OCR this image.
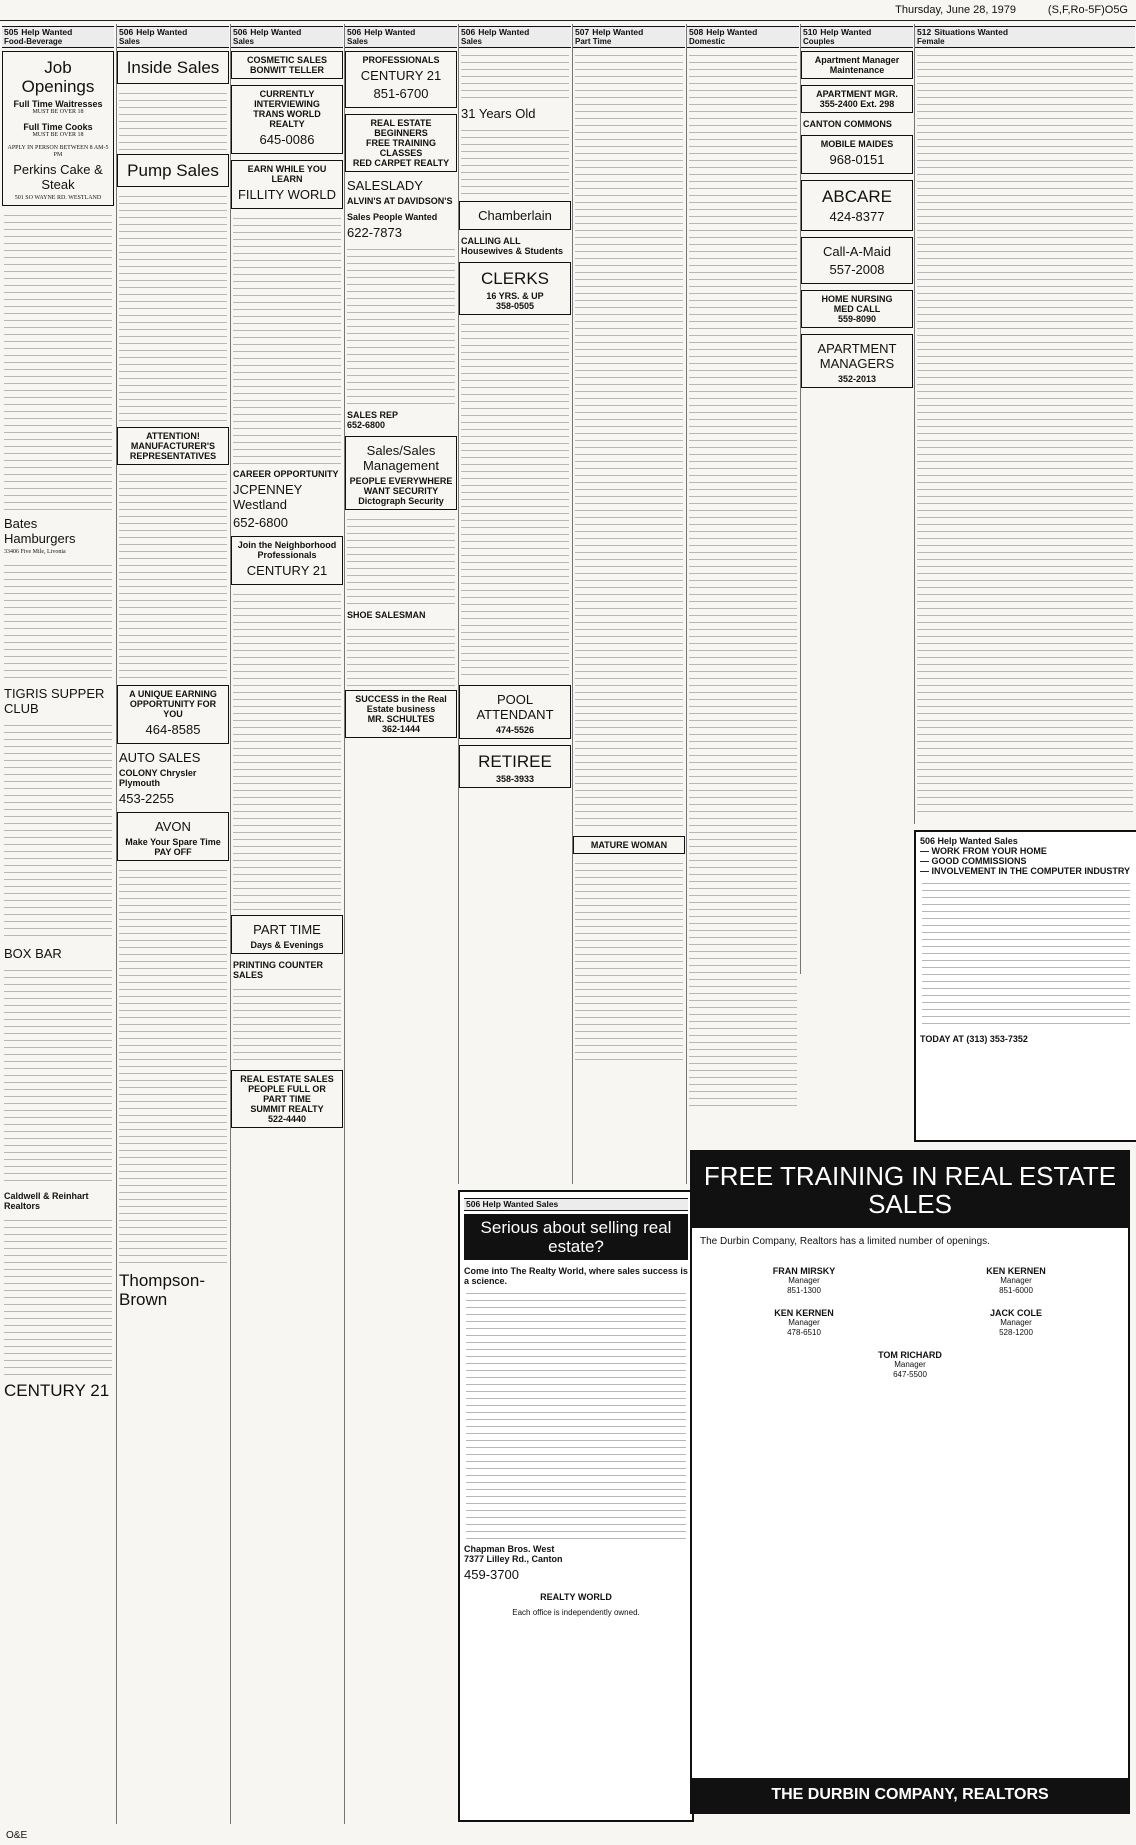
Thursday, June 28, 1979	(S,F,Ro-5F)O5G
505 Help Wanted
Food-Beverage
Job Openings
Full Time Waitresses
MUST BE OVER 18
Full Time Cooks
MUST BE OVER 18
APPLY IN PERSON BETWEEN 8 AM-5 PM
Perkins Cake & Steak
501 SO WAYNE RD. WESTLAND
Bates Hamburgers
33406 Five Mile, Livonia
TIGRIS SUPPER CLUB
BOX BAR
Caldwell & Reinhart Realtors
CENTURY 21
506 Help Wanted
Sales
Inside Sales
Pump Sales
ATTENTION! MANUFACTURER'S REPRESENTATIVES
A UNIQUE EARNING OPPORTUNITY FOR YOU
464-8585
AUTO SALES
COLONY Chrysler Plymouth
453-2255
AVON
Make Your Spare Time PAY OFF
Thompson-Brown
506 Help Wanted
Sales
COSMETIC SALES
BONWIT TELLER
CURRENTLY INTERVIEWING
TRANS WORLD REALTY
645-0086
EARN WHILE YOU LEARN
FILLITY WORLD
CAREER OPPORTUNITY
JCPENNEY Westland
652-6800
Join the Neighborhood Professionals
CENTURY 21
PART TIME
Days & Evenings
PRINTING COUNTER SALES
REAL ESTATE SALES PEOPLE FULL OR PART TIME
SUMMIT REALTY
522-4440
506 Help Wanted
Sales
PROFESSIONALS
CENTURY 21
851-6700
REAL ESTATE BEGINNERS
FREE TRAINING CLASSES
RED CARPET REALTY
SALESLADY
ALVIN'S AT DAVIDSON'S
Sales People Wanted
622-7873
SALES REP
652-6800
Sales/Sales Management
PEOPLE EVERYWHERE WANT SECURITY
Dictograph Security
SHOE SALESMAN
SUCCESS in the Real Estate business
MR. SCHULTES
362-1444
506 Help Wanted
Sales
31 Years Old
Chamberlain
CALLING ALL Housewives & Students
CLERKS
16 YRS. & UP
358-0505
POOL ATTENDANT
474-5526
RETIREE
358-3933
507 Help Wanted
Part Time
MATURE WOMAN
508 Help Wanted
Domestic
510 Help Wanted
Couples
Apartment Manager Maintenance
APARTMENT MGR.
355-2400 Ext. 298
CANTON COMMONS
MOBILE MAIDES
968-0151
ABCARE
424-8377
Call-A-Maid
557-2008
HOME NURSING
MED CALL
559-8090
APARTMENT MANAGERS
352-2013
512 Situations Wanted
Female
506 Help Wanted Sales
— WORK FROM YOUR HOME
— GOOD COMMISSIONS
— INVOLVEMENT IN THE COMPUTER INDUSTRY
TODAY AT (313) 353-7352
506 Help Wanted Sales
Serious about selling real estate?
Come into The Realty World, where sales success is a science.
Chapman Bros. West
7377 Lilley Rd., Canton
459-3700
REALTY WORLD
Each office is independently owned.
FREE TRAINING IN REAL ESTATE SALES
The Durbin Company, Realtors has a limited number of openings.
FRAN MIRSKY
Manager
851-1300
KEN KERNEN
Manager
851-6000
KEN KERNEN
Manager
478-6510
JACK COLE
Manager
528-1200
TOM RICHARD
Manager
647-5500
THE DURBIN COMPANY, REALTORS
O&E
